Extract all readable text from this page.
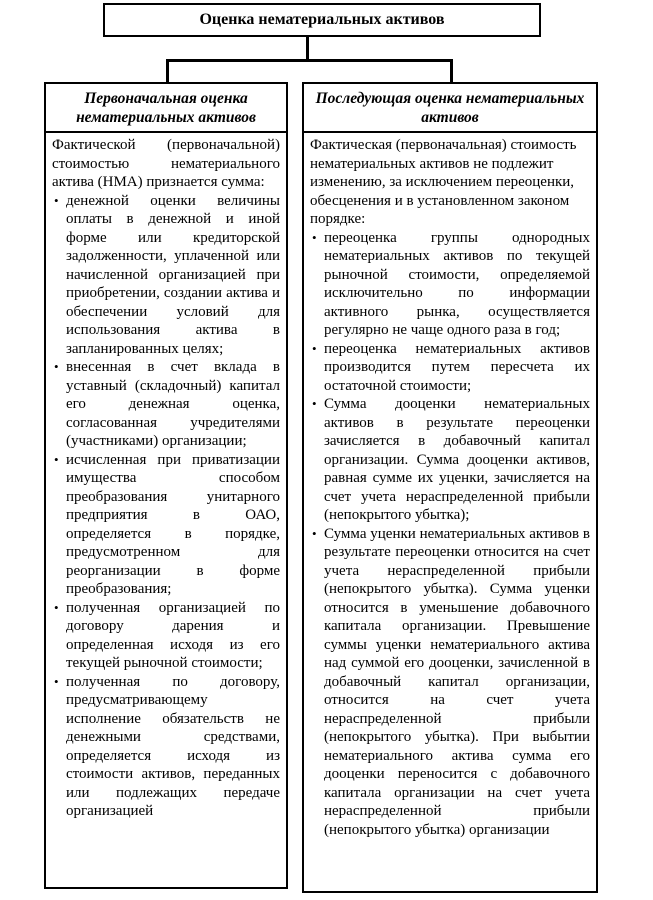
Оценка нематериальных активов
Первоначальная оценка нематериальных активов

Фактической (первоначальной) стоимостью нематериального актива (НМА) признается сумма:

• денежной оценки величины оплаты в денежной и иной форме или кредиторской задолженности, уплаченной или начисленной организацией при приобретении, создании актива и обеспечении условий для использования актива в запланированных целях;
• внесенная в счет вклада в уставный (складочный) капитал его денежная оценка, согласованная учредителями (участниками) организации;
• исчисленная при приватизации имущества способом преобразования унитарного предприятия в ОАО, определяется в порядке, предусмотренном для реорганизации в форме преобразования;
• полученная организацией по договору дарения и определенная исходя из его текущей рыночной стоимости;
• полученная по договору, предусматривающему исполнение обязательств не денежными средствами, определяется исходя из стоимости активов, переданных или подлежащих передаче организацией
Последующая оценка нематериальных активов

Фактическая (первоначальная) стоимость нематериальных активов не подлежит изменению, за исключением переоценки, обесценения и в установленном законом порядке:

• переоценка группы однородных нематериальных активов по текущей рыночной стоимости, определяемой исключительно по информации активного рынка, осуществляется регулярно не чаще одного раза в год;
• переоценка нематериальных активов производится путем пересчета их остаточной стоимости;
• Сумма дооценки нематериальных активов в результате переоценки зачисляется в добавочный капитал организации. Сумма дооценки активов, равная сумме их уценки, зачисляется на счет учета нераспределенной прибыли (непокрытого убытка);
• Сумма уценки нематериальных активов в результате переоценки относится на счет учета нераспределенной прибыли (непокрытого убытка). Сумма уценки относится в уменьшение добавочного капитала организации. Превышение суммы уценки нематериального актива над суммой его дооценки, зачисленной в добавочный капитал организации, относится на счет учета нераспределенной прибыли (непокрытого убытка). При выбытии нематериального актива сумма его дооценки переносится с добавочного капитала организации на счет учета нераспределенной прибыли (непокрытого убытка) организации
